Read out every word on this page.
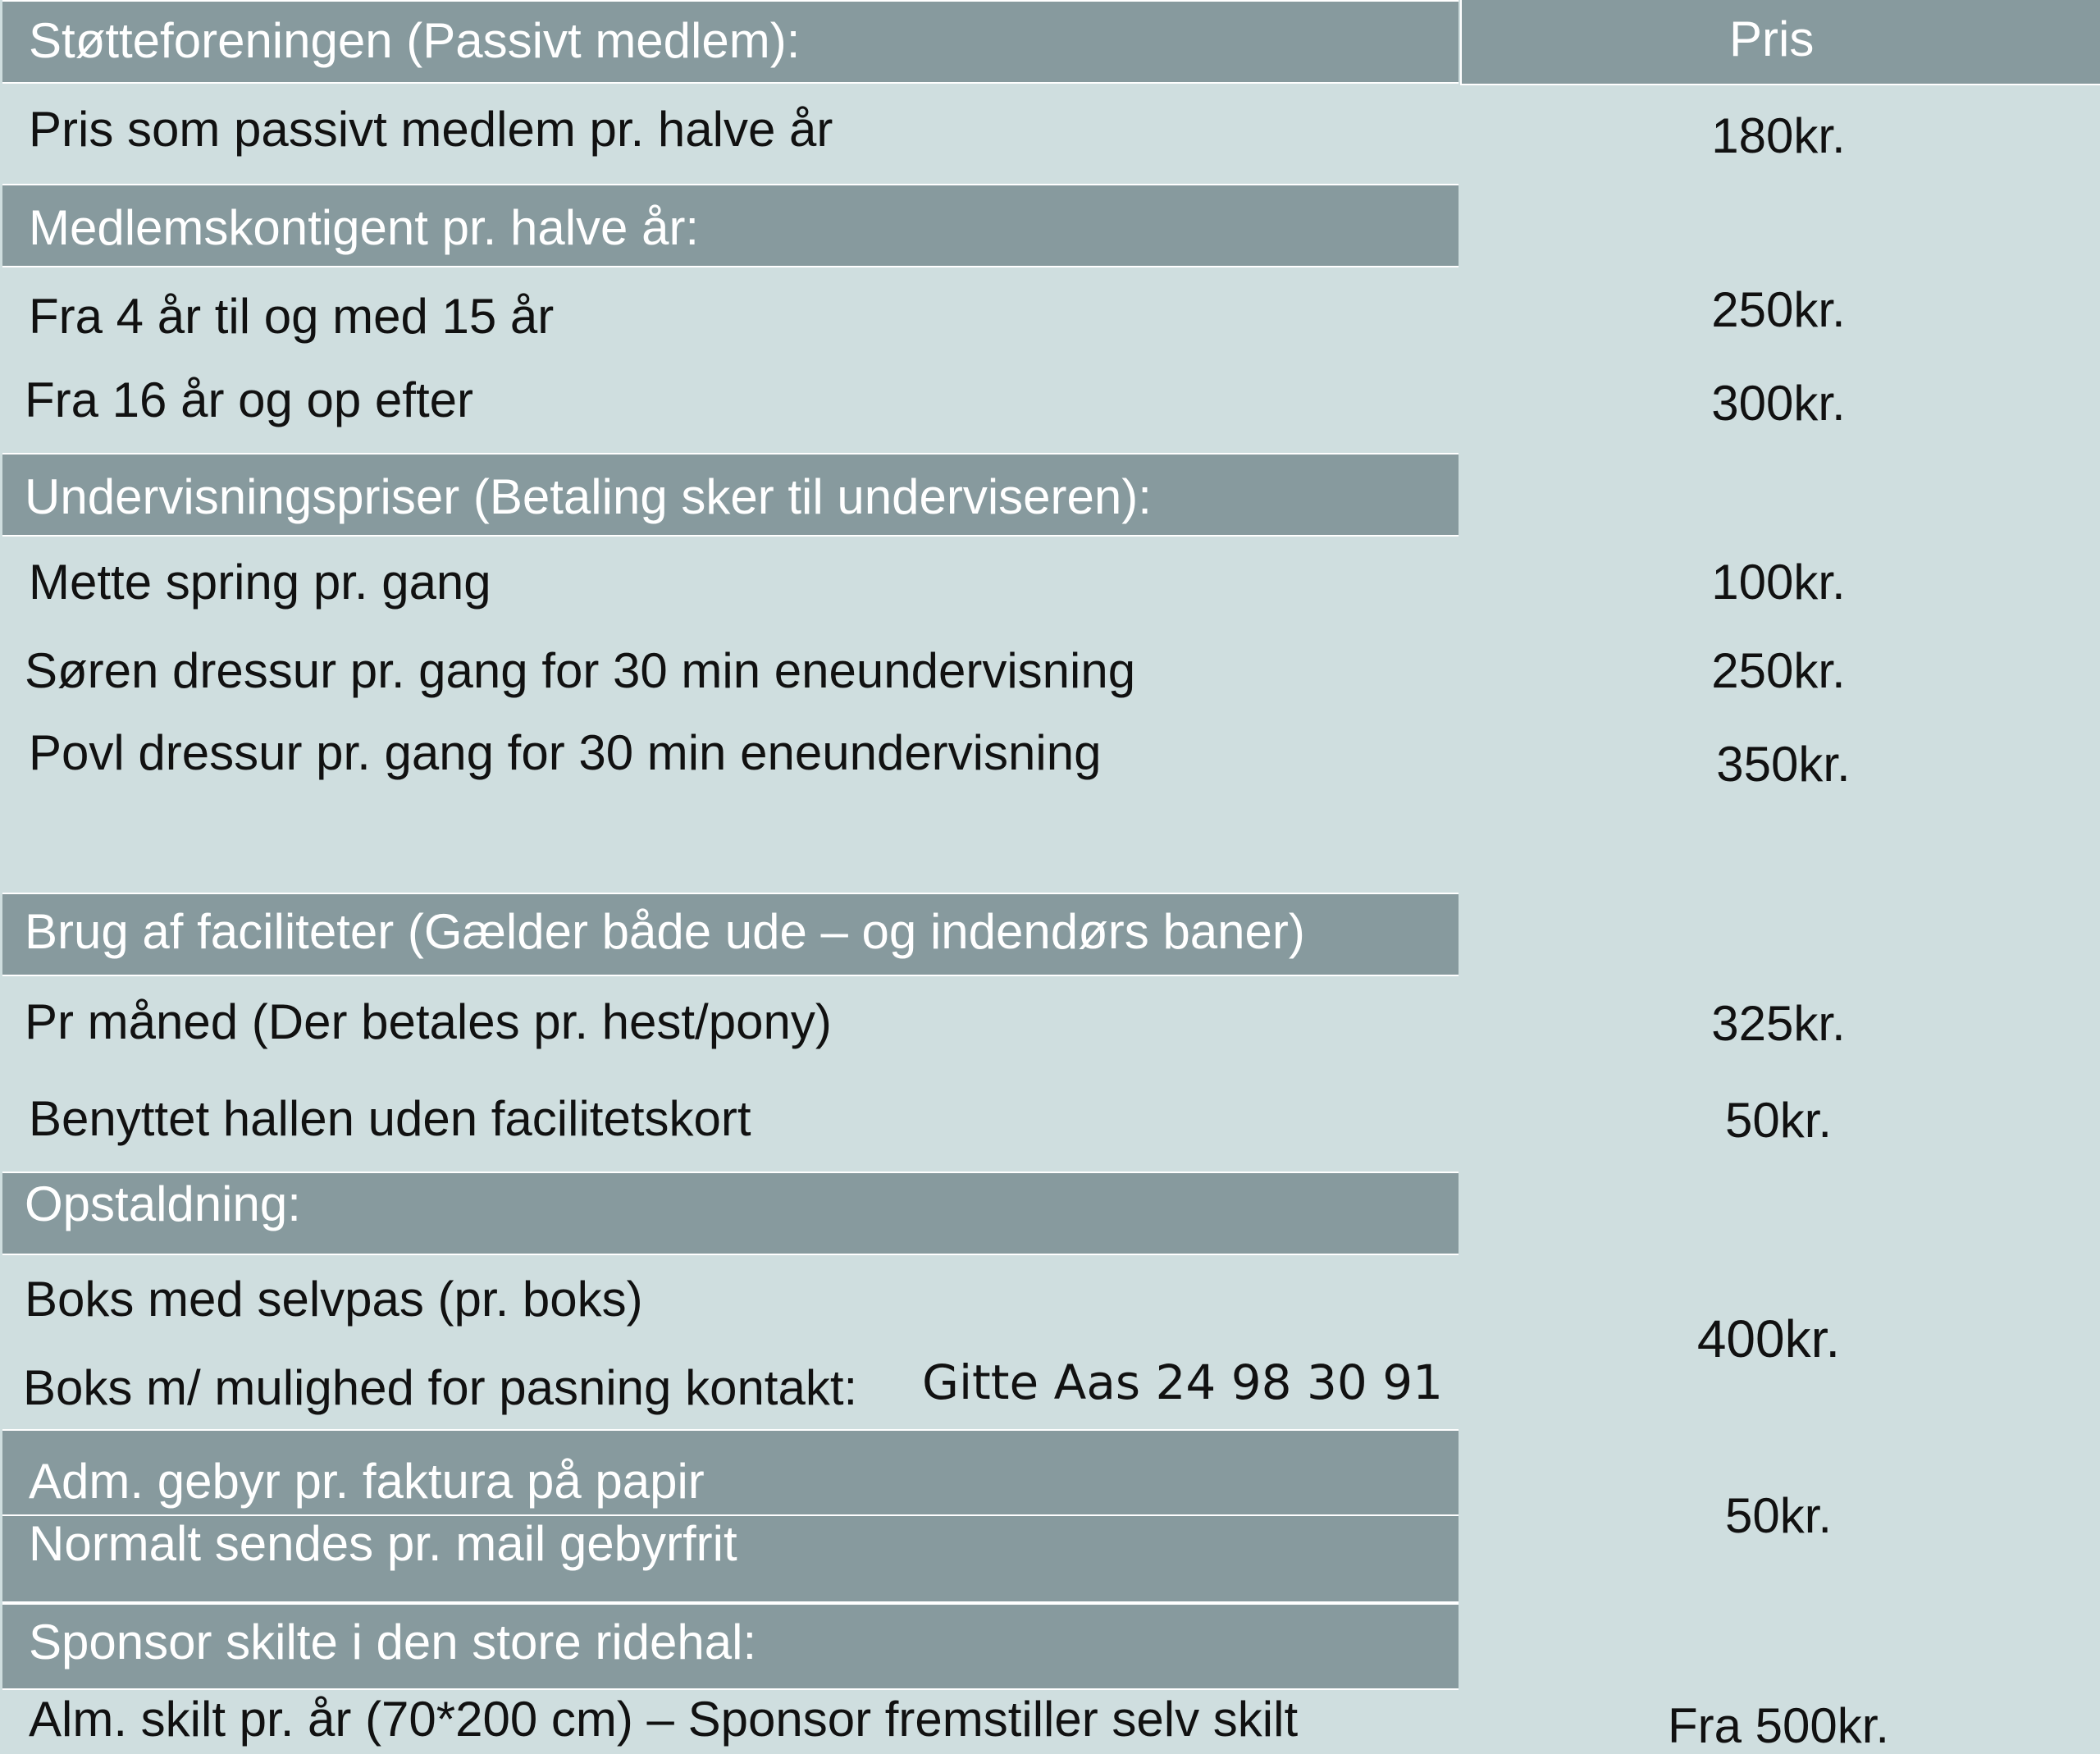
Støtteforeningen (Passivt medlem):	Pris
Medlemskontigent pr. halve år:
Undervisningspriser (Betaling sker til underviseren):
Brug af faciliteter (Gælder både ude – og indendørs baner)
Opstaldning:
Adm. gebyr pr. faktura på papir
Normalt sendes pr. mail gebyrfrit
Sponsor skilte i den store ridehal:
Pris som passivt medlem pr. halve år
Fra 4 år til og med 15 år
Fra 16 år og op efter
Mette spring pr. gang
Søren dressur pr. gang for 30 min eneundervisning
Povl dressur pr. gang for 30 min eneundervisning
Pr måned (Der betales pr. hest/pony)
Benyttet hallen uden facilitetskort
Boks med selvpas (pr. boks)
Boks m/ mulighed for pasning kontakt: Gitte Aas 24 98 30 91
Alm. skilt pr. år (70*200 cm) – Sponsor fremstiller selv skilt
180kr.
250kr.
300kr.
100kr.
250kr.
350kr.
325kr.
50kr.
400kr.
50kr.
Fra 500kr.
